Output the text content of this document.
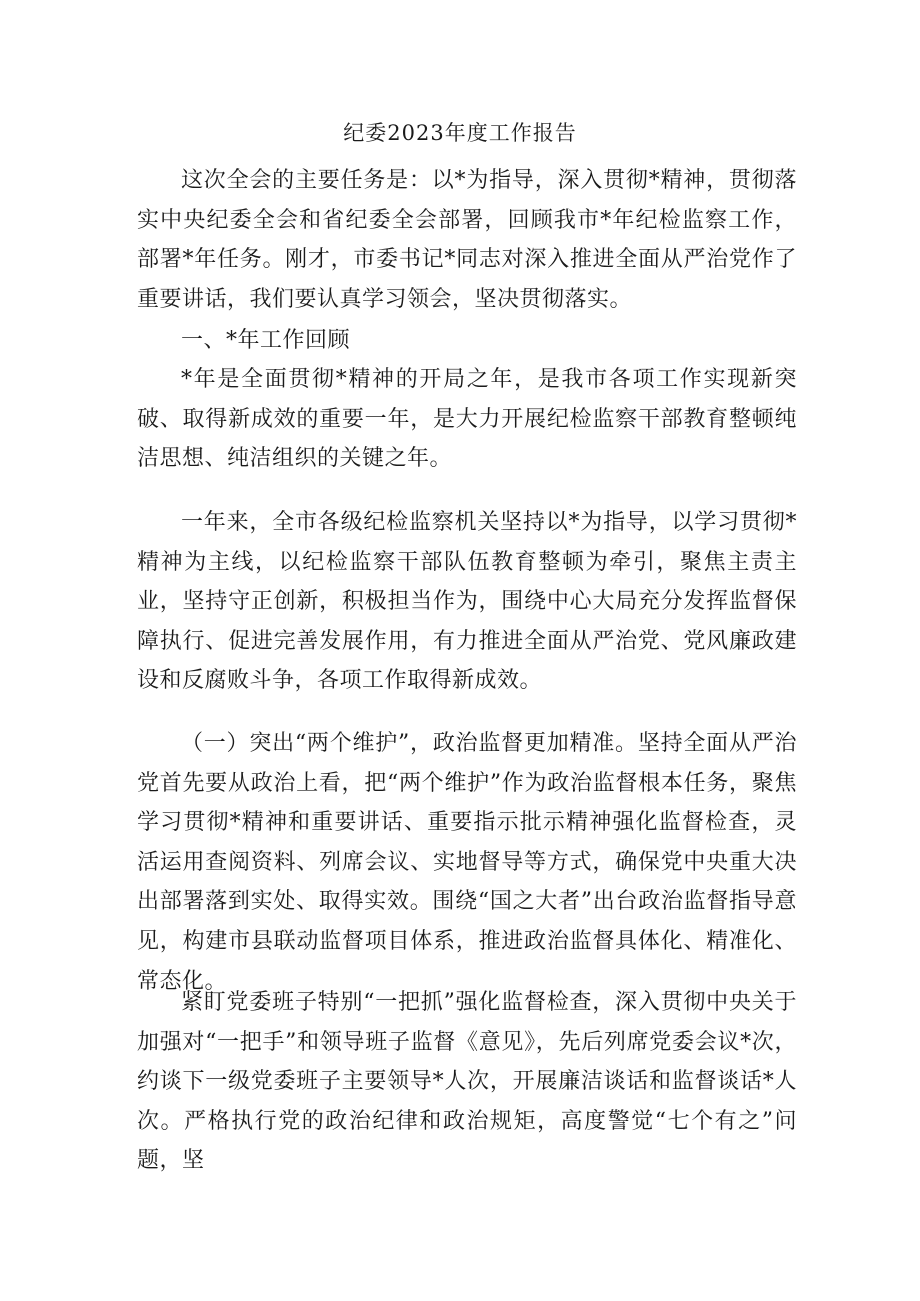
纪委2023年度工作报告

这次全会的主要任务是：以*为指导，深入贯彻*精神，贯彻落实中央纪委全会和省纪委全会部署，回顾我市*年纪检监察工作，部署*年任务。刚才，市委书记*同志对深入推进全面从严治党作了重要讲话，我们要认真学习领会，坚决贯彻落实。

一、*年工作回顾

*年是全面贯彻*精神的开局之年，是我市各项工作实现新突破、取得新成效的重要一年，是大力开展纪检监察干部教育整顿纯洁思想、纯洁组织的关键之年。

一年来，全市各级纪检监察机关坚持以*为指导，以学习贯彻*精神为主线，以纪检监察干部队伍教育整顿为牵引，聚焦主责主业，坚持守正创新，积极担当作为，围绕中心大局充分发挥监督保障执行、促进完善发展作用，有力推进全面从严治党、党风廉政建设和反腐败斗争，各项工作取得新成效。

（一）突出“两个维护”，政治监督更加精准。坚持全面从严治党首先要从政治上看，把“两个维护”作为政治监督根本任务，聚焦学习贯彻*精神和重要讲话、重要指示批示精神强化监督检查，灵活运用查阅资料、列席会议、实地督导等方式，确保党中央重大决出部署落到实处、取得实效。围绕“国之大者”出台政治监督指导意见，构建市县联动监督项目体系，推进政治监督具体化、精准化、常态化。

紧盯党委班子特别“一把抓”强化监督检查，深入贯彻中央关于加强对“一把手”和领导班子监督《意见》，先后列席党委会议*次，约谈下一级党委班子主要领导*人次，开展廉洁谈话和监督谈话*人次。严格执行党的政治纪律和政治规矩，高度警觉“七个有之”问题，坚
